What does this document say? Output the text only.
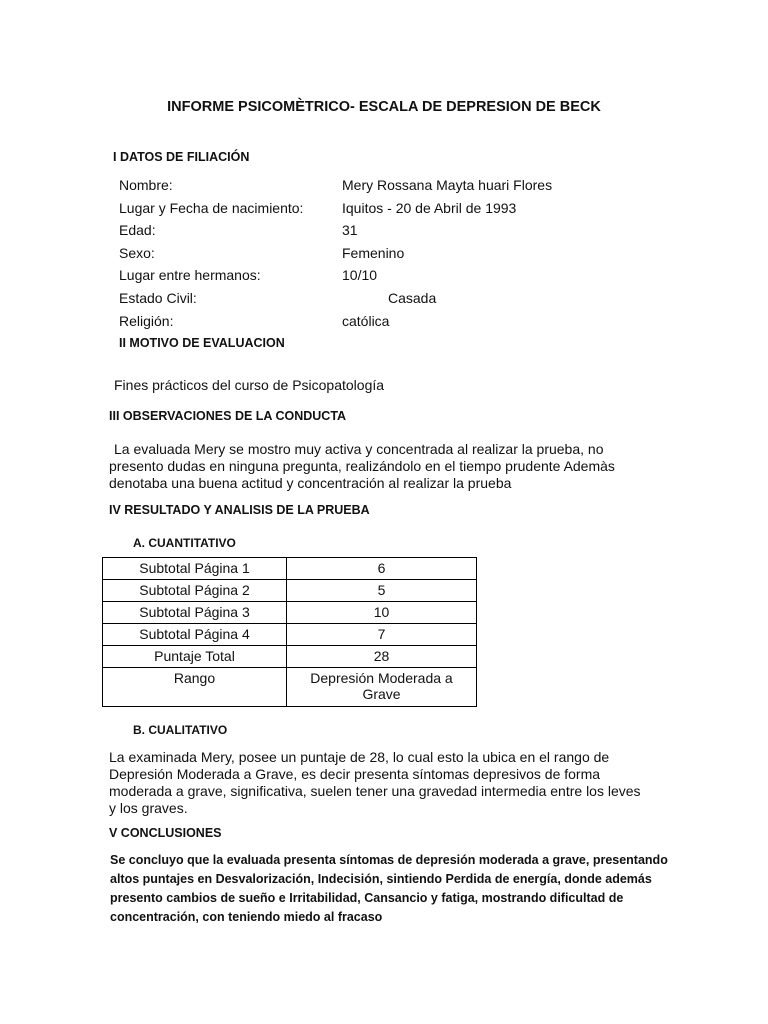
INFORME PSICOMÈTRICO- ESCALA DE DEPRESION DE BECK
I DATOS DE FILIACIÓN
Nombre:	Mery Rossana Mayta huari Flores
Lugar y Fecha de nacimiento:	Iquitos - 20 de Abril de 1993
Edad:	31
Sexo:	Femenino
Lugar entre hermanos:	10/10
Estado Civil:	Casada
Religión:	católica
II MOTIVO DE EVALUACION
Fines prácticos del curso de Psicopatología
III OBSERVACIONES DE LA CONDUCTA
La evaluada Mery se mostro muy activa y concentrada al realizar la prueba, no
presento dudas en ninguna pregunta, realizándolo en el tiempo prudente Ademàs
denotaba una buena actitud y concentración al realizar la prueba
IV RESULTADO Y ANALISIS DE LA PRUEBA
A. CUANTITATIVO
Subtotal Página 1	6
Subtotal Página 2	5
Subtotal Página 3	10
Subtotal Página 4	7
Puntaje Total	28
Rango	Depresión Moderada a
Grave
B. CUALITATIVO
La examinada Mery, posee un puntaje de 28, lo cual esto la ubica en el rango de
Depresión Moderada a Grave, es decir presenta síntomas depresivos de forma
moderada a grave, significativa, suelen tener una gravedad intermedia entre los leves
y los graves.
V CONCLUSIONES
Se concluyo que la evaluada presenta síntomas de depresión moderada a grave, presentando
altos puntajes en Desvalorización, Indecisión, sintiendo Perdida de energía, donde además
presento cambios de sueño e Irritabilidad, Cansancio y fatiga, mostrando dificultad de
concentración, con teniendo miedo al fracaso
